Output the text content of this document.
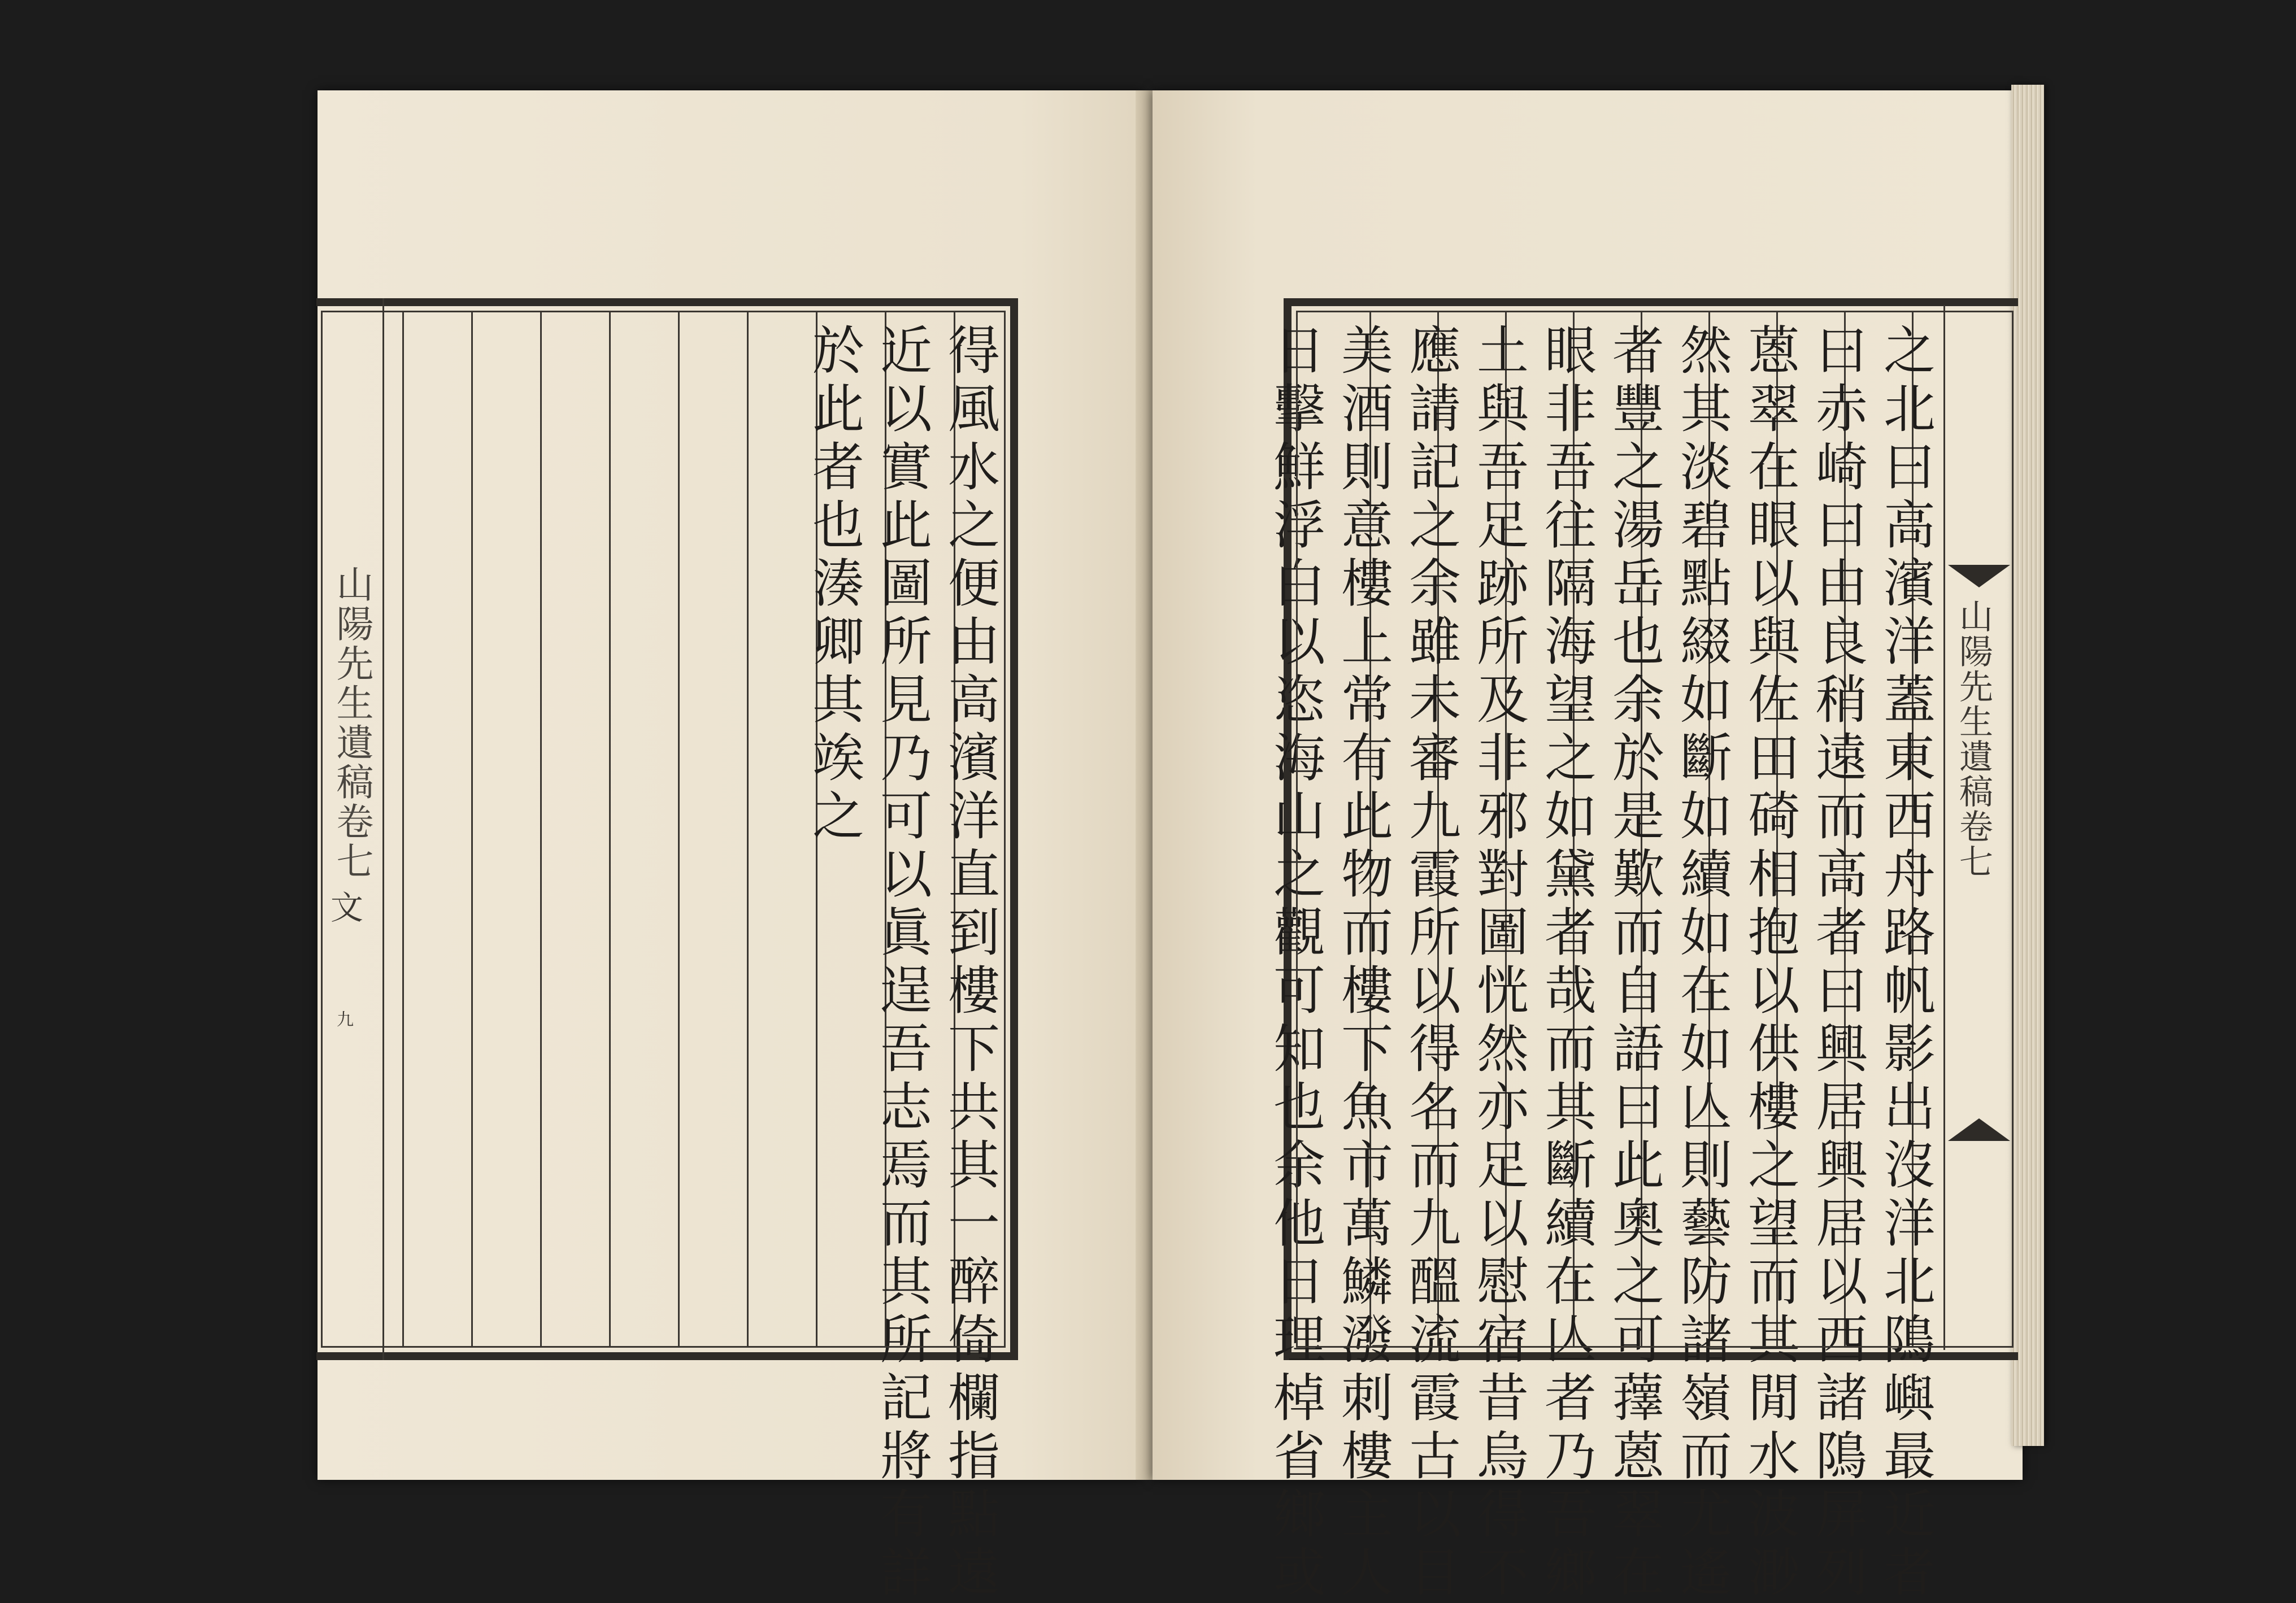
得風水之便由高濱洋直到樓下共其一醉倚欄指點遠
近以實此圖所見乃可以眞逞吾志焉而其所記將有詳
於此者也湊卿其竢之
山陽先生遺稿卷七
文
九	之北曰高濱洋蓋東西舟路帆影出沒洋北隝嶼最近者
曰赤崎曰由良稍遠而高者曰興居興居以西諸隝屏列
蒽翠在眼以與佐田碕相抱以供樓之望而其閒水波渺
然其淡碧點綴如斷如續如在如亾則藝防諸嶺而尤遙
者豐之湯岳也余於是歎而自語曰此奧之可蘀蒽翠在
眼非吾往隔海望之如黛者哉而其斷續在亾者乃吾鄉
土與吾足跡所及非邪對圖恍然亦足以慰宿昔烏得不
應請記之余雖未審九霞所以得名而九醞流霞古以目
美酒則意樓上常有此物而樓下魚市萬鱗潑刺樓主人
日擊鮮浮白以恣海山之觀可知也余他日理棹省鄉或	山陽先生遺稿卷七
